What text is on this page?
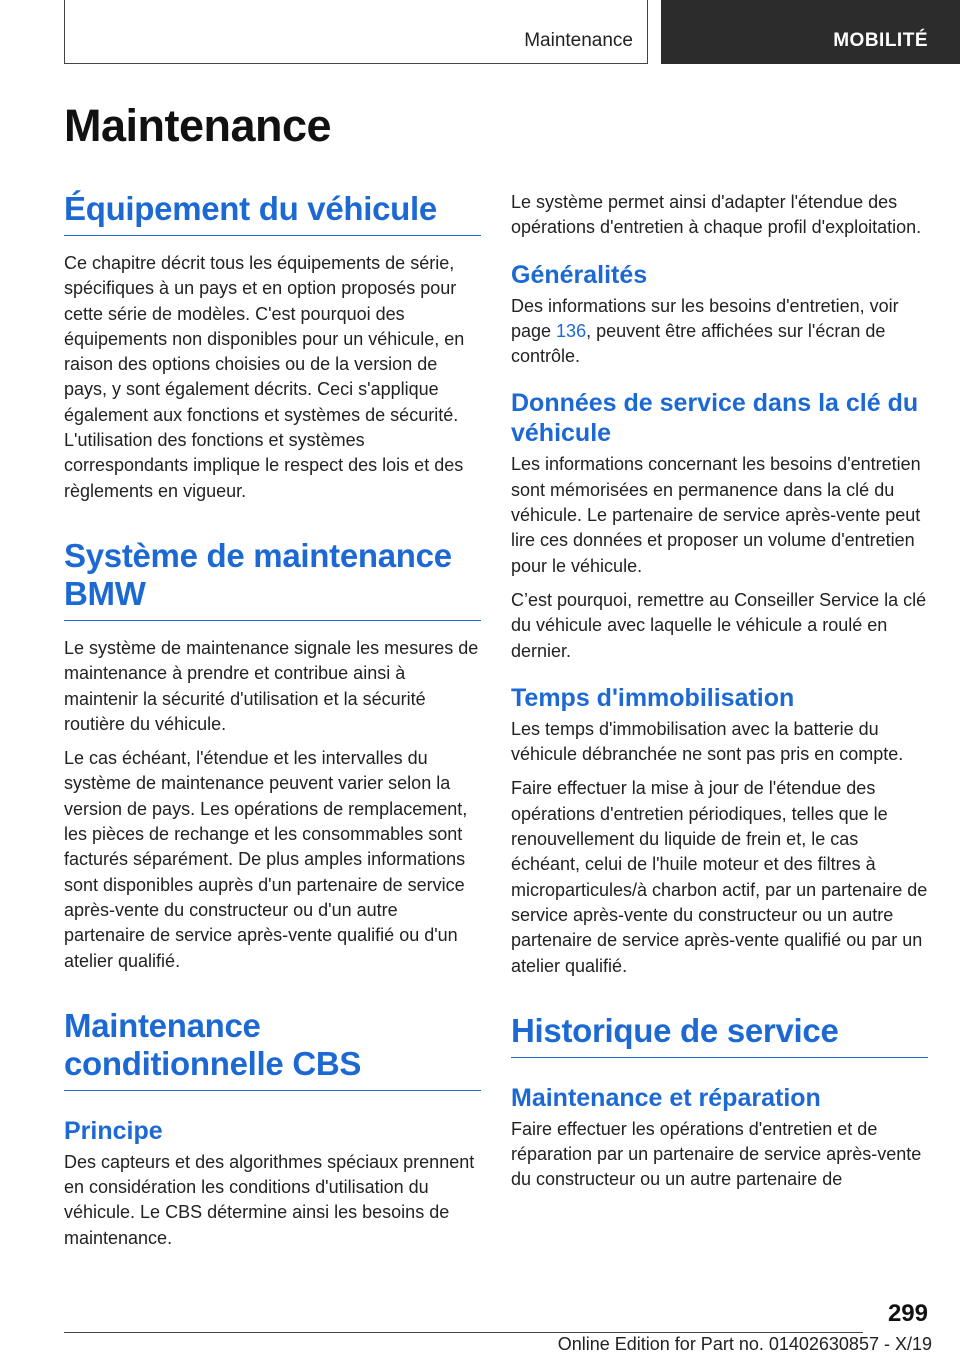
Maintenance	MOBILITÉ
Maintenance
Équipement du véhicule

Ce chapitre décrit tous les équipements de série, spécifiques à un pays et en option proposés pour cette série de modèles. C'est pourquoi des équipements non disponibles pour un véhicule, en raison des options choisies ou de la version de pays, y sont également décrits. Ceci s'applique également aux fonctions et systèmes de sécurité. L'utilisation des fonctions et systèmes correspondants implique le respect des lois et des règlements en vigueur.

Système de maintenance BMW

Le système de maintenance signale les mesures de maintenance à prendre et contribue ainsi à maintenir la sécurité d'utilisation et la sécurité routière du véhicule.

Le cas échéant, l'étendue et les intervalles du système de maintenance peuvent varier selon la version de pays. Les opérations de remplacement, les pièces de rechange et les consommables sont facturés séparément. De plus amples informations sont disponibles auprès d'un partenaire de service après-vente du constructeur ou d'un autre partenaire de service après-vente qualifié ou d'un atelier qualifié.

Maintenance conditionnelle CBS
Principe

Des capteurs et des algorithmes spéciaux prennent en considération les conditions d'utilisation du véhicule. Le CBS détermine ainsi les besoins de maintenance.

Le système permet ainsi d'adapter l'étendue des opérations d'entretien à chaque profil d'exploitation.

Généralités

Des informations sur les besoins d'entretien, voir page 136, peuvent être affichées sur l'écran de contrôle.

Données de service dans la clé du véhicule

Les informations concernant les besoins d'entretien sont mémorisées en permanence dans la clé du véhicule. Le partenaire de service après-vente peut lire ces données et proposer un volume d'entretien pour le véhicule.

C’est pourquoi, remettre au Conseiller Service la clé du véhicule avec laquelle le véhicule a roulé en dernier.

Temps d'immobilisation

Les temps d'immobilisation avec la batterie du véhicule débranchée ne sont pas pris en compte.

Faire effectuer la mise à jour de l'étendue des opérations d'entretien périodiques, telles que le renouvellement du liquide de frein et, le cas échéant, celui de l'huile moteur et des filtres à microparticules/à charbon actif, par un partenaire de service après-vente du constructeur ou un autre partenaire de service après-vente qualifié ou par un atelier qualifié.

Historique de service
Maintenance et réparation

Faire effectuer les opérations d'entretien et de réparation par un partenaire de service après-vente du constructeur ou un autre partenaire de

299
Online Edition for Part no. 01402630857 - X/19
